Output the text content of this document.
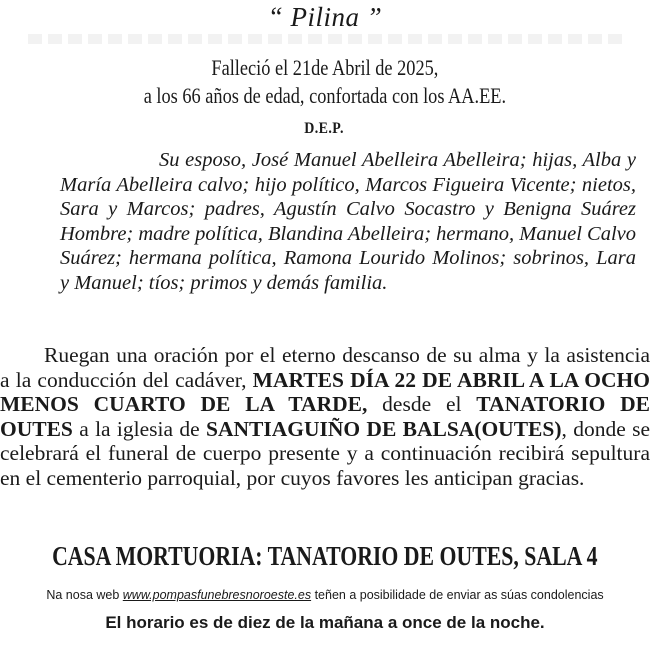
“ Pilina ”
Falleció el 21de Abril de 2025,
a los 66 años de edad, confortada con los AA.EE.
D.E.P.

Su esposo, José Manuel Abelleira Abelleira; hijas, Alba y María Abelleira calvo; hijo político, Marcos Figueira Vicente; nietos, Sara y Marcos; padres, Agustín Calvo Socastro y Benigna Suárez Hombre; madre política, Blandina Abelleira; hermano, Manuel Calvo Suárez; hermana política, Ramona Lourido Molinos; sobrinos, Lara y Manuel; tíos; primos y demás familia.

Ruegan una oración por el eterno descanso de su alma y la asistencia a la conducción del cadáver, MARTES DÍA 22 DE ABRIL A LA OCHO MENOS CUARTO DE LA TARDE, desde el TANATORIO DE OUTES a la iglesia de SANTIAGUIÑO DE BALSA(OUTES), donde se celebrará el funeral de cuerpo presente y a continuación recibirá sepultura en el cementerio parroquial, por cuyos favores les anticipan gracias.

CASA MORTUORIA: TANATORIO DE OUTES, SALA 4
Na nosa web www.pompasfunebresnoroeste.es teñen a posibilidade de enviar as súas condolencias
El horario es de diez de la mañana a once de la noche.
